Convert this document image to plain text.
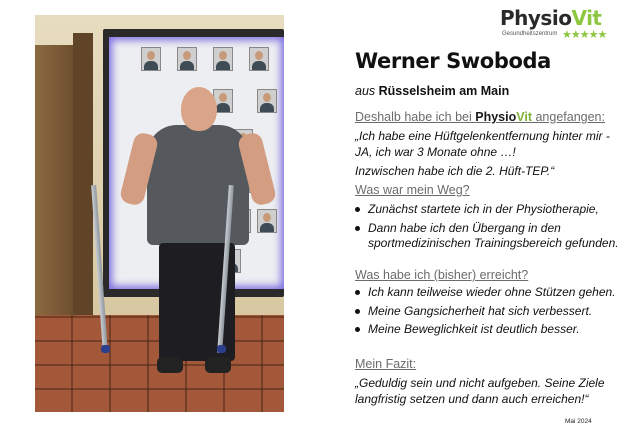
PhysioVit
Gesundheitszentrum ★★★★★
Werner Swoboda
aus Rüsselsheim am Main
Deshalb habe ich bei PhysioVit angefangen:
„Ich habe eine Hüftgelenkentfernung hinter mir - JA, ich war 3 Monate ohne …!
Inzwischen habe ich die 2. Hüft-TEP.“
Was war mein Weg?
Zunächst startete ich in der Physiotherapie,
Dann habe ich den Übergang in den sportmedizinischen Trainingsbereich gefunden.
Was habe ich (bisher) erreicht?
Ich kann teilweise wieder ohne Stützen gehen.
Meine Gangsicherheit hat sich verbessert.
Meine Beweglichkeit ist deutlich besser.
Mein Fazit:
„Geduldig sein und nicht aufgeben. Seine Ziele langfristig setzen und dann auch erreichen!“
Mai 2024
